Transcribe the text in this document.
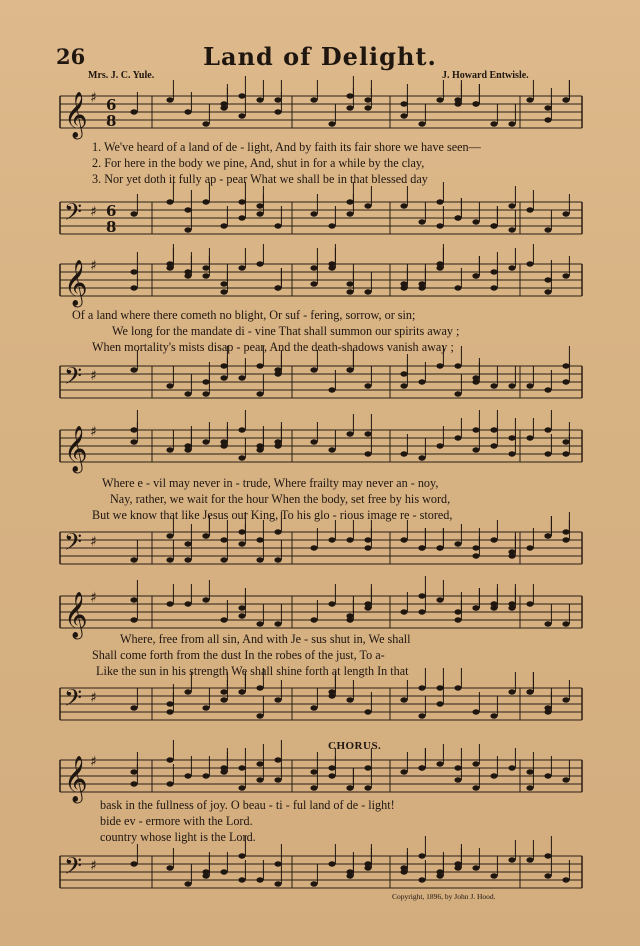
26	Land of Delight.
Mrs. J. C. Yule.	J. Howard Entwisle.
𝄞 ♯ 6
8
1. We've heard of a land of de - light, And by faith its fair shore we have seen—
2. For here in the body we pine, And, shut in for a while by the clay,
3. Nor yet doth it fully ap - pear What we shall be in that blessed day
𝄢 ♯ 6
8
𝄞 ♯
Of a land where there cometh no blight, Or suf - fering, sorrow, or sin;
We long for the mandate di - vine That shall summon our spirits away ;
When mortality's mists disap - pear, And the death-shadows vanish away ;
𝄢 ♯
𝄞 ♯
Where e - vil may never in - trude, Where frailty may never an - noy,
Nay, rather, we wait for the hour When the body, set free by his word,
But we know that like Jesus our King, To his glo - rious image re - stored,
𝄢 ♯
𝄞 ♯
Where, free from all sin, And with Je - sus shut in, We shall
Shall come forth from the dust In the robes of the just, To a-
Like the sun in his strength We shall shine forth at length In that
𝄢 ♯
CHORUS.
𝄞 ♯
bask in the fullness of joy. O beau - ti - ful land of de - light!
bide ev - ermore with the Lord.
country whose light is the Lord.
𝄢 ♯
Copyright, 1896, by John J. Hood.
